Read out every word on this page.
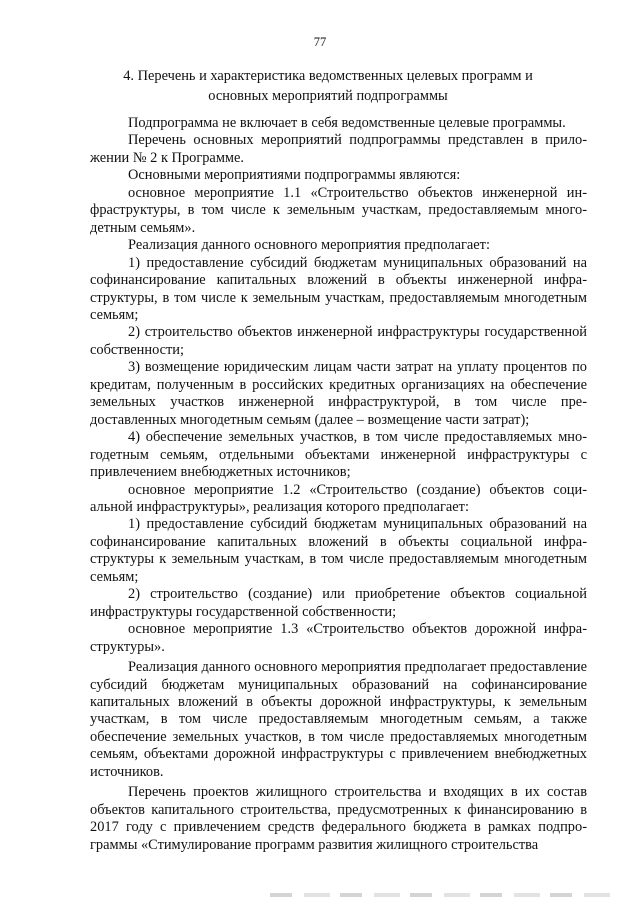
77
4. Перечень и характеристика ведомственных целевых программ и
основных мероприятий подпрограммы

Подпрограмма не включает в себя ведомственные целевые программы.

Перечень основных мероприятий подпрограммы представлен в приложении № 2 к Программе.

Основными мероприятиями подпрограммы являются:

основное мероприятие 1.1 «Строительство объектов инженерной инфраструктуры, в том числе к земельным участкам, предоставляемым многодетным семьям».

Реализация данного основного мероприятия предполагает:

1) предоставление субсидий бюджетам муниципальных образований на софинансирование капитальных вложений в объекты инженерной инфраструктуры, в том числе к земельным участкам, предоставляемым многодетным семьям;

2) строительство объектов инженерной инфраструктуры государственной собственности;

3) возмещение юридическим лицам части затрат на уплату процентов по кредитам, полученным в российских кредитных организациях на обеспечение земельных участков инженерной инфраструктурой, в том числе предоставленных многодетным семьям (далее – возмещение части затрат);

4) обеспечение земельных участков, в том числе предоставляемых многодетным семьям, отдельными объектами инженерной инфраструктуры с привлечением внебюджетных источников;

основное мероприятие 1.2 «Строительство (создание) объектов социальной инфраструктуры», реализация которого предполагает:

1) предоставление субсидий бюджетам муниципальных образований на софинансирование капитальных вложений в объекты социальной инфраструктуры к земельным участкам, в том числе предоставляемым многодетным семьям;

2) строительство (создание) или приобретение объектов социальной инфраструктуры государственной собственности;

основное мероприятие 1.3 «Строительство объектов дорожной инфраструктуры».

Реализация данного основного мероприятия предполагает предоставление субсидий бюджетам муниципальных образований на софинансирование капитальных вложений в объекты дорожной инфраструктуры, к земельным участкам, в том числе предоставляемым многодетным семьям, а также обеспечение земельных участков, в том числе предоставляемых многодетным семьям, объектами дорожной инфраструктуры с привлечением внебюджетных источников.

Перечень проектов жилищного строительства и входящих в их состав объектов капитального строительства, предусмотренных к финансированию в 2017 году с привлечением средств федерального бюджета в рамках подпрограммы «Стимулирование программ развития жилищного строительства
